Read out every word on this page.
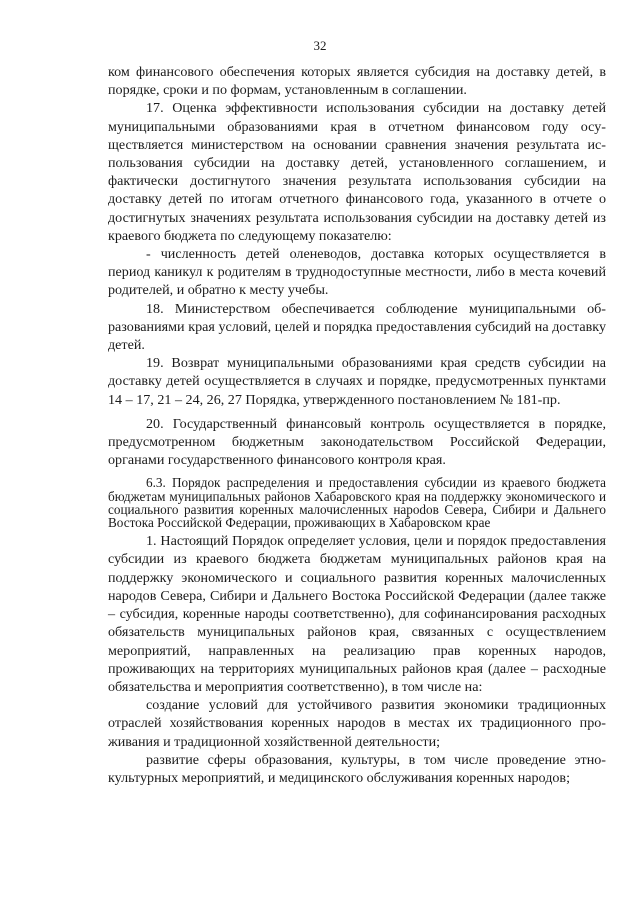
32

ком финансового обеспечения которых является субсидия на доставку детей, в порядке, сроки и по формам, установленным в соглашении.

17. Оценка эффективности использования субсидии на доставку детей муниципальными образованиями края в отчетном финансовом году осуществляется министерством на основании сравнения значения результата использования субсидии на доставку детей, установленного соглашением, и фактически достигнутого значения результата использования субсидии на доставку детей по итогам отчетного финансового года, указанного в отчете о достигнутых значениях результата использования субсидии на доставку детей из краевого бюджета по следующему показателю:

- численность детей оленеводов, доставка которых осуществляется в период каникул к родителям в труднодоступные местности, либо в места кочевий родителей, и обратно к месту учебы.

18. Министерством обеспечивается соблюдение муниципальными образованиями края условий, целей и порядка предоставления субсидий на доставку детей.

19. Возврат муниципальными образованиями края средств субсидии на доставку детей осуществляется в случаях и порядке, предусмотренных пунктами 14 – 17, 21 – 24, 26, 27 Порядка, утвержденного постановлением № 181-пр.

20. Государственный финансовый контроль осуществляется в порядке, предусмотренном бюджетным законодательством Российской Федерации, органами государственного финансового контроля края.

6.3. Порядок распределения и предоставления субсидии из краевого бюджета бюджетам муниципальных районов Хабаровского края на поддержку экономического и социального развития коренных малочисленных нароdов Севера, Сибири и Дальнего Востока Российской Федерации, проживающих в Хабаровском крае

1. Настоящий Порядок определяет условия, цели и порядок предоставления субсидии из краевого бюджета бюджетам муниципальных районов края на поддержку экономического и социального развития коренных малочисленных народов Севера, Сибири и Дальнего Востока Российской Федерации (далее также – субсидия, коренные народы соответственно), для софинансирования расходных обязательств муниципальных районов края, связанных с осуществлением мероприятий, направленных на реализацию прав коренных народов, проживающих на территориях муниципальных районов края (далее – расходные обязательства и мероприятия соответственно), в том числе на:

создание условий для устойчивого развития экономики традиционных отраслей хозяйствования коренных народов в местах их традиционного проживания и традиционной хозяйственной деятельности;

развитие сферы образования, культуры, в том числе проведение этнокультурных мероприятий, и медицинского обслуживания коренных народов;
